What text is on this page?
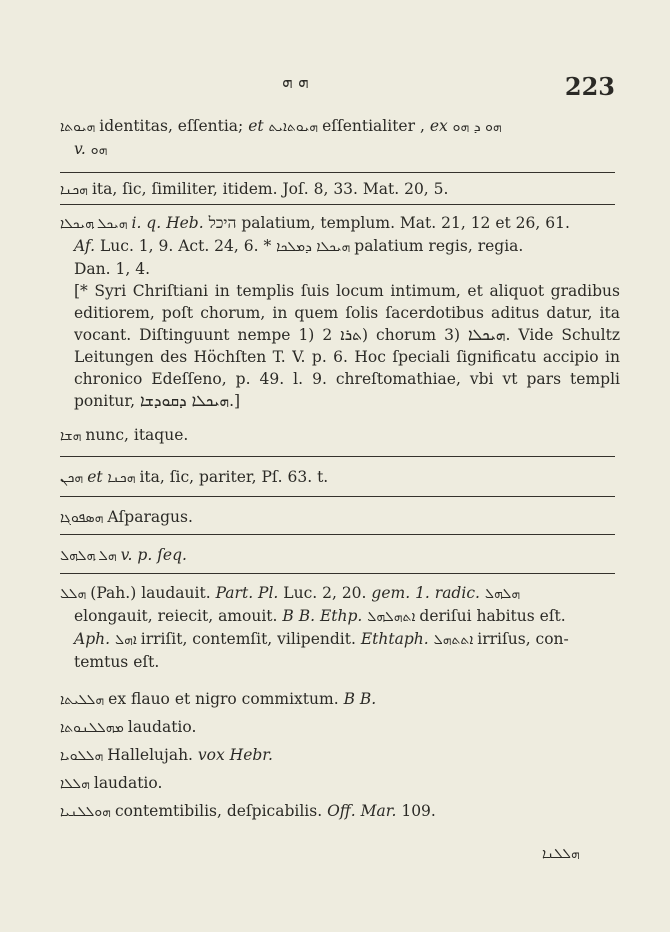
ܗ ܗ	223
ܗܝܘܬܐ identitas, eſſentia; et ܗܝܘܬܐܝܬ eſſentialiter , ex ܗܘ ܕ ܗܘ
v. ܗܘ
ܗܟܢܐ ita, ſic, ſimiliter, itidem. Joſ. 8, 33. Mat. 20, 5.
ܗܝܟܠܗܝܟܠܐ i. q. Heb. היכל palatium, templum. Mat. 21, 12 et 26, 61.
Af. Luc. 1, 9. Act. 24, 6. * ܗܝܟܠܐ ܕܡܠܟܐ palatium regis, regia.
Dan. 1, 4.
[* Syri Chriſtiani in templis ſuis locum intimum, et aliquot gradibus editiorem, poſt chorum, in quem ſolis ſacerdotibus aditus datur, ita vocant. Diſtinguunt nempe 1) ܬܪܐ 2) chorum 3) ܗܝܟܠܐ. Vide Schultz Leitungen des Höchſten T. V. p. 6. Hoc ſpeciali ſignificatu accipio in chronico Edeſſeno, p. 49. l. 9. chreſtomathiae, vbi vt pars templi ponitur, ܗܝܟܠܐ ܕܩܘܕܫܐ.]
ܗܫܐ nunc, itaque.
ܗܟܢ et ܗܟܢܐ ita, ſic, pariter, Pſ. 63. t.
ܗܣܦܘܓܐ Aſparagus.
ܗܠܗܠܗܠ v. p. ſeq.
ܗܠܠ (Pah.) laudauit. Part. Pl. Luc. 2, 20. gem. 1. radic. ܗܠܗܠ
elongauit, reiecit, amouit. B B. Ethp. ܐܬܗܠܗܠ deriſui habitus eſt.
Aph. ܐܗܠ irriſit, contemſit, vilipendit. Ethtaph. ܐܬܬܗܠ irriſus, con-
temtus eſt.
ܗܠܠܝܬܐ ex flauo et nigro commixtum. B B.
ܡܗܠܠܢܘܬܐ laudatio.
ܗܠܠܘܝܐ Hallelujah. vox Hebr.
ܗܠܠܐ laudatio.
ܗܘܠܠܢܝܐ contemtibilis, deſpicabilis. Off. Mar. 109.
ܗܠܠܢܐ
